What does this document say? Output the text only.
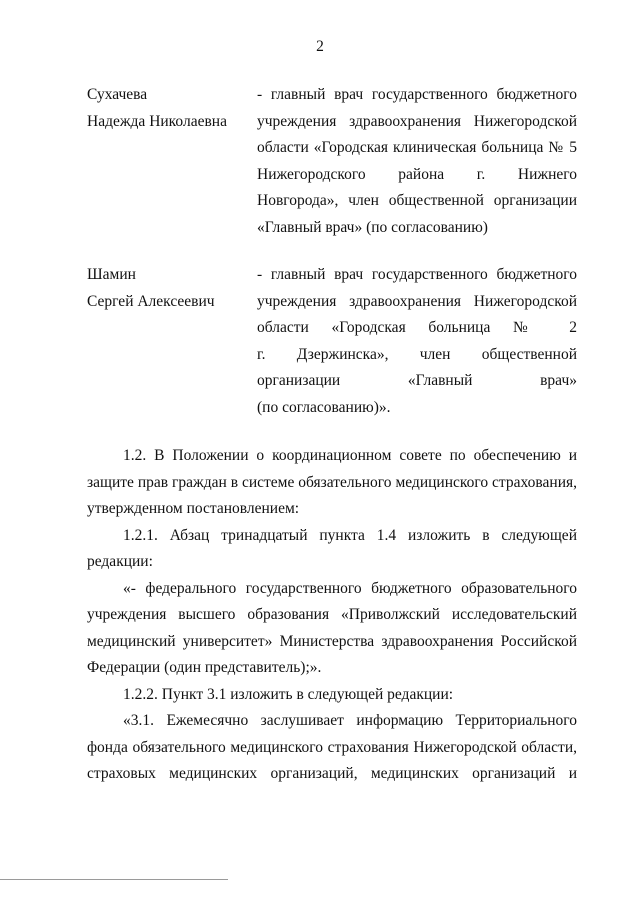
2
Сухачева
Надежда Николаевна
- главный врач государственного бюджетного
учреждения здравоохранения Нижегородской
области «Городская клиническая больница № 5
Нижегородского района г. Нижнего
Новгорода», член общественной организации
«Главный врач» (по согласованию)
Шамин
Сергей Алексеевич
- главный врач государственного бюджетного
учреждения здравоохранения Нижегородской
области «Городская больница № 2
г. Дзержинска», член общественной
организации «Главный врач»
(по согласованию)».
1.2. В Положении о координационном совете по обеспечению и
защите прав граждан в системе обязательного медицинского страхования,
утвержденном постановлением:
1.2.1. Абзац тринадцатый пункта 1.4 изложить в следующей
редакции:
«- федерального государственного бюджетного образовательного
учреждения высшего образования «Приволжский исследовательский
медицинский университет» Министерства здравоохранения Российской
Федерации (один представитель);».
1.2.2. Пункт 3.1 изложить в следующей редакции:
«3.1. Ежемесячно заслушивает информацию Территориального
фонда обязательного медицинского страхования Нижегородской области,
страховых медицинских организаций, медицинских организаций и
